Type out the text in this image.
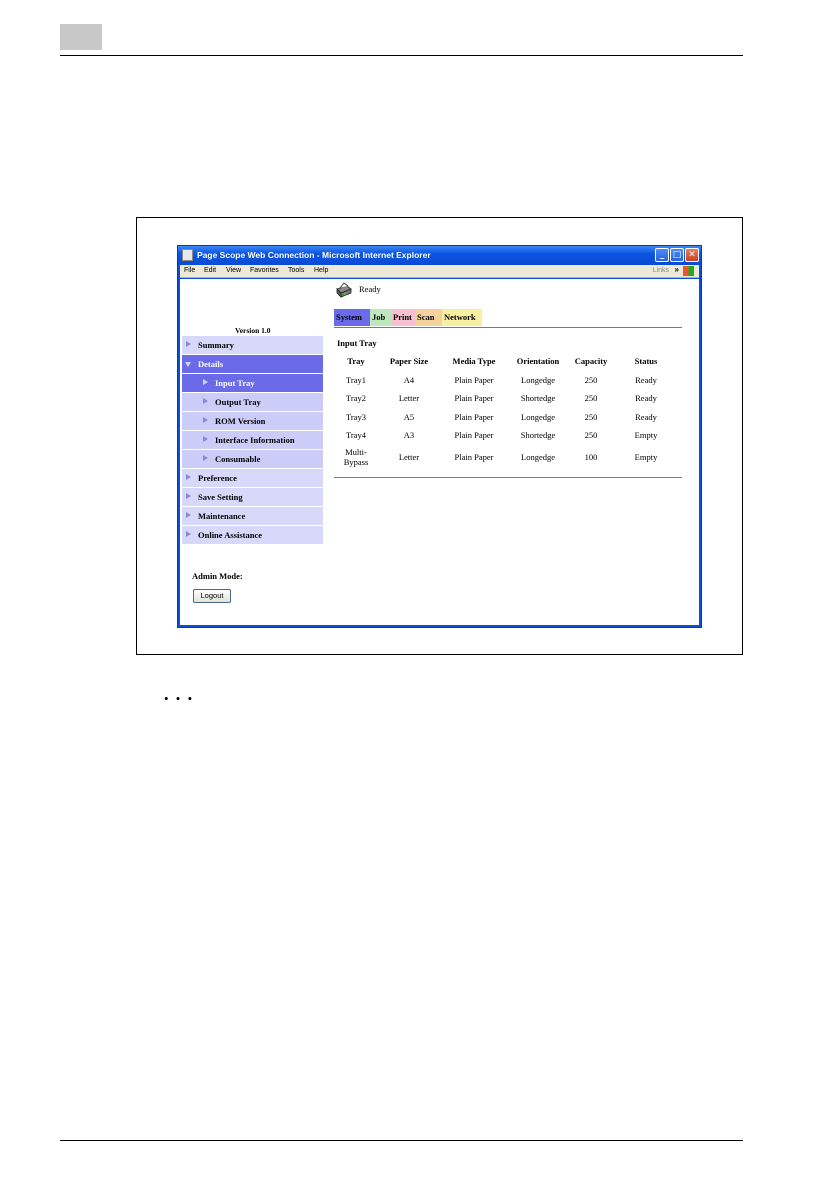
Page Scope Web Connection - Microsoft Internet Explorer	_ □ ✕
File Edit View Favorites Tools Help	Links »
Version 1.0
Summary
Details
Input Tray
Output Tray
ROM Version
Interface Information
Consumable
Preference
Save Setting
Maintenance
Online Assistance
Admin Mode:
Logout
Ready
System	Job Print Scan	Network
Input Tray
Tray	Paper Size	Media Type	Orientation	Capacity	Status
Tray1	A4	Plain Paper	Longedge	250	Ready
Tray2	Letter	Plain Paper	Shortedge	250	Ready
Tray3	A5	Plain Paper	Longedge	250	Ready
Tray4	A3	Plain Paper	Shortedge	250	Empty
Multi-
Bypass	Letter	Plain Paper	Longedge	100	Empty
• • •
